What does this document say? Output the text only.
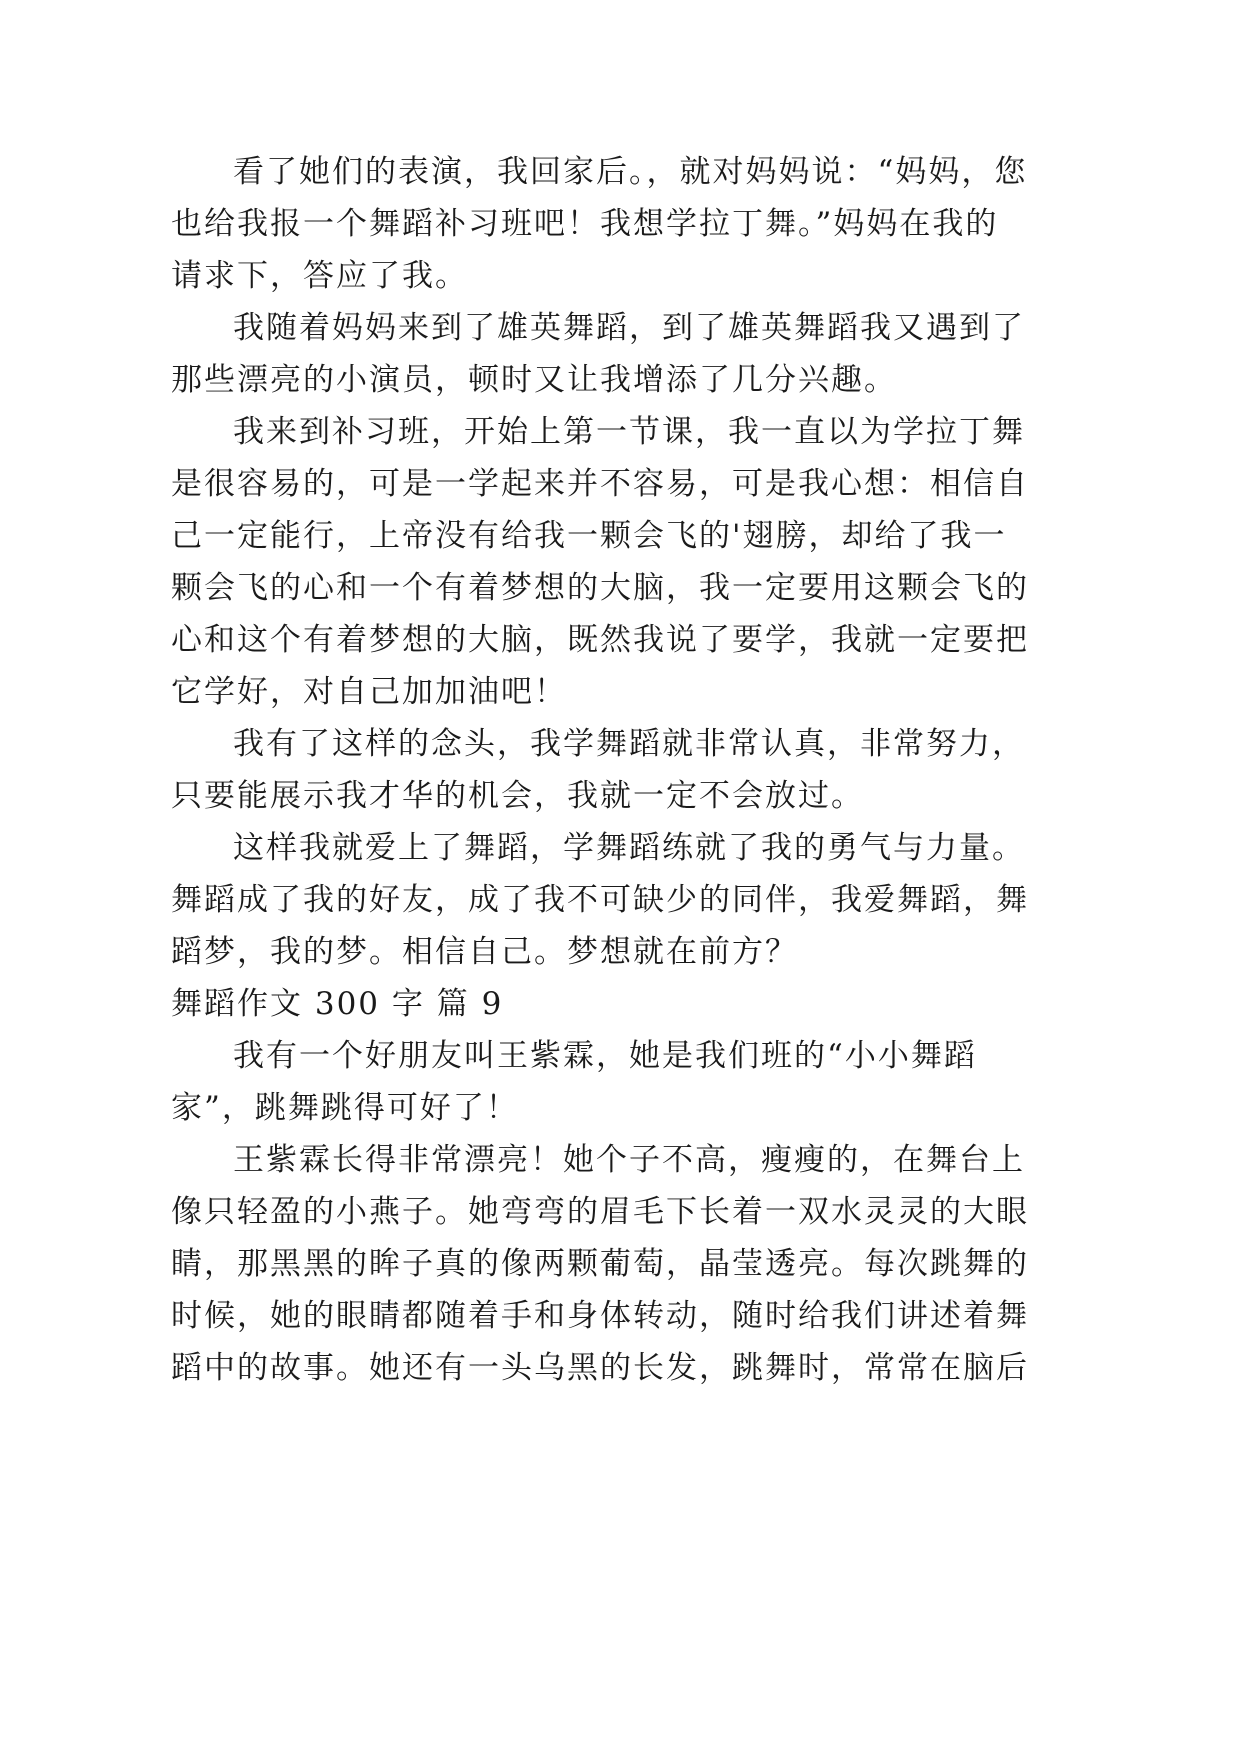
看了她们的表演，我回家后。，就对妈妈说：“妈妈，您

也给我报一个舞蹈补习班吧！我想学拉丁舞。”妈妈在我的

请求下，答应了我。

我随着妈妈来到了雄英舞蹈，到了雄英舞蹈我又遇到了

那些漂亮的小演员，顿时又让我增添了几分兴趣。

我来到补习班，开始上第一节课，我一直以为学拉丁舞

是很容易的，可是一学起来并不容易，可是我心想：相信自

己一定能行，上帝没有给我一颗会飞的'翅膀，却给了我一

颗会飞的心和一个有着梦想的大脑，我一定要用这颗会飞的

心和这个有着梦想的大脑，既然我说了要学，我就一定要把

它学好，对自己加加油吧！

我有了这样的念头，我学舞蹈就非常认真，非常努力，

只要能展示我才华的机会，我就一定不会放过。

这样我就爱上了舞蹈，学舞蹈练就了我的勇气与力量。

舞蹈成了我的好友，成了我不可缺少的同伴，我爱舞蹈，舞

蹈梦，我的梦。相信自己。梦想就在前方？

舞蹈作文 300 字 篇 9

我有一个好朋友叫王紫霖，她是我们班的“小小舞蹈

家”，跳舞跳得可好了！

王紫霖长得非常漂亮！她个子不高，瘦瘦的，在舞台上

像只轻盈的小燕子。她弯弯的眉毛下长着一双水灵灵的大眼

睛，那黑黑的眸子真的像两颗葡萄，晶莹透亮。每次跳舞的

时候，她的眼睛都随着手和身体转动，随时给我们讲述着舞

蹈中的故事。她还有一头乌黑的长发，跳舞时，常常在脑后
